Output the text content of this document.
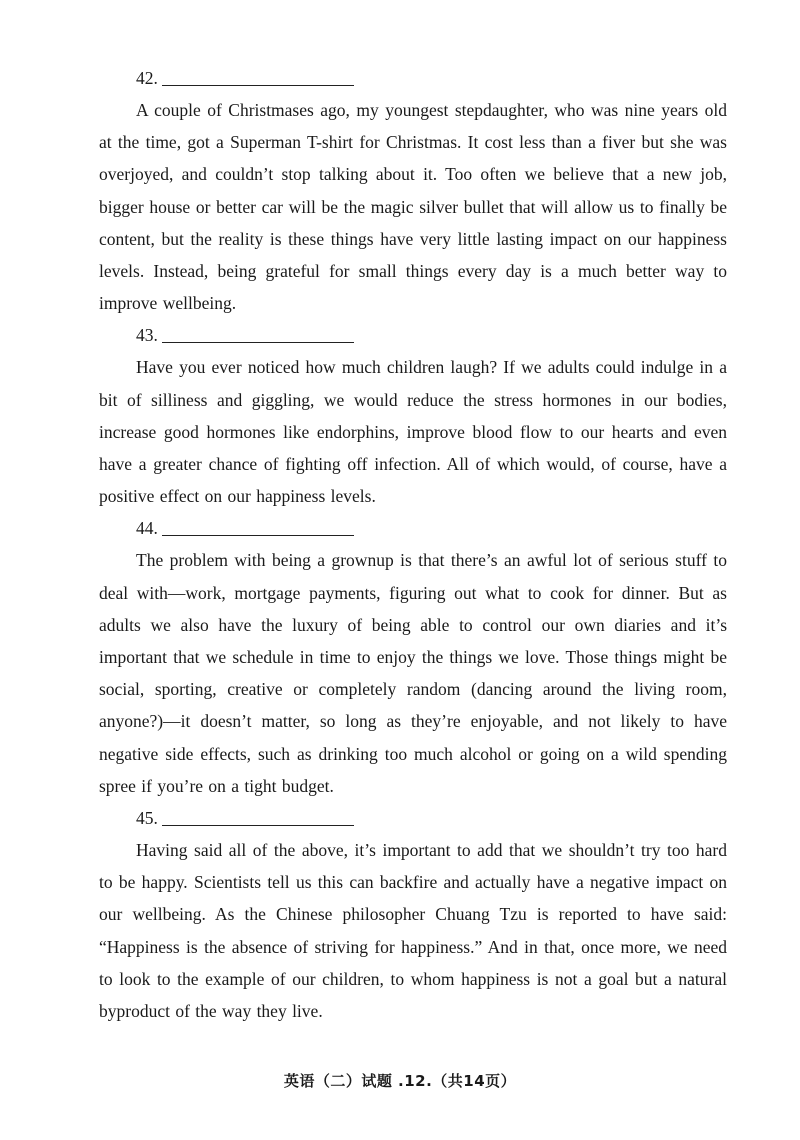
42.

A couple of Christmases ago, my youngest stepdaughter, who was nine years old at the time, got a Superman T-shirt for Christmas. It cost less than a fiver but she was overjoyed, and couldn’t stop talking about it. Too often we believe that a new job, bigger house or better car will be the magic silver bullet that will allow us to finally be content, but the reality is these things have very little lasting impact on our happiness levels. Instead, being grateful for small things every day is a much better way to improve wellbeing.

43.

Have you ever noticed how much children laugh? If we adults could indulge in a bit of silliness and giggling, we would reduce the stress hormones in our bodies, increase good hormones like endorphins, improve blood flow to our hearts and even have a greater chance of fighting off infection. All of which would, of course, have a positive effect on our happiness levels.

44.

The problem with being a grownup is that there’s an awful lot of serious stuff to deal with—work, mortgage payments, figuring out what to cook for dinner. But as adults we also have the luxury of being able to control our own diaries and it’s important that we schedule in time to enjoy the things we love. Those things might be social, sporting, creative or completely random (dancing around the living room, anyone?)—it doesn’t matter, so long as they’re enjoyable, and not likely to have negative side effects, such as drinking too much alcohol or going on a wild spending spree if you’re on a tight budget.

45.

Having said all of the above, it’s important to add that we shouldn’t try too hard to be happy. Scientists tell us this can backfire and actually have a negative impact on our wellbeing. As the Chinese philosopher Chuang Tzu is reported to have said: “Happiness is the absence of striving for happiness.” And in that, once more, we need to look to the example of our children, to whom happiness is not a goal but a natural byproduct of the way they live.

英语（二）试题 .12.（共14页）
